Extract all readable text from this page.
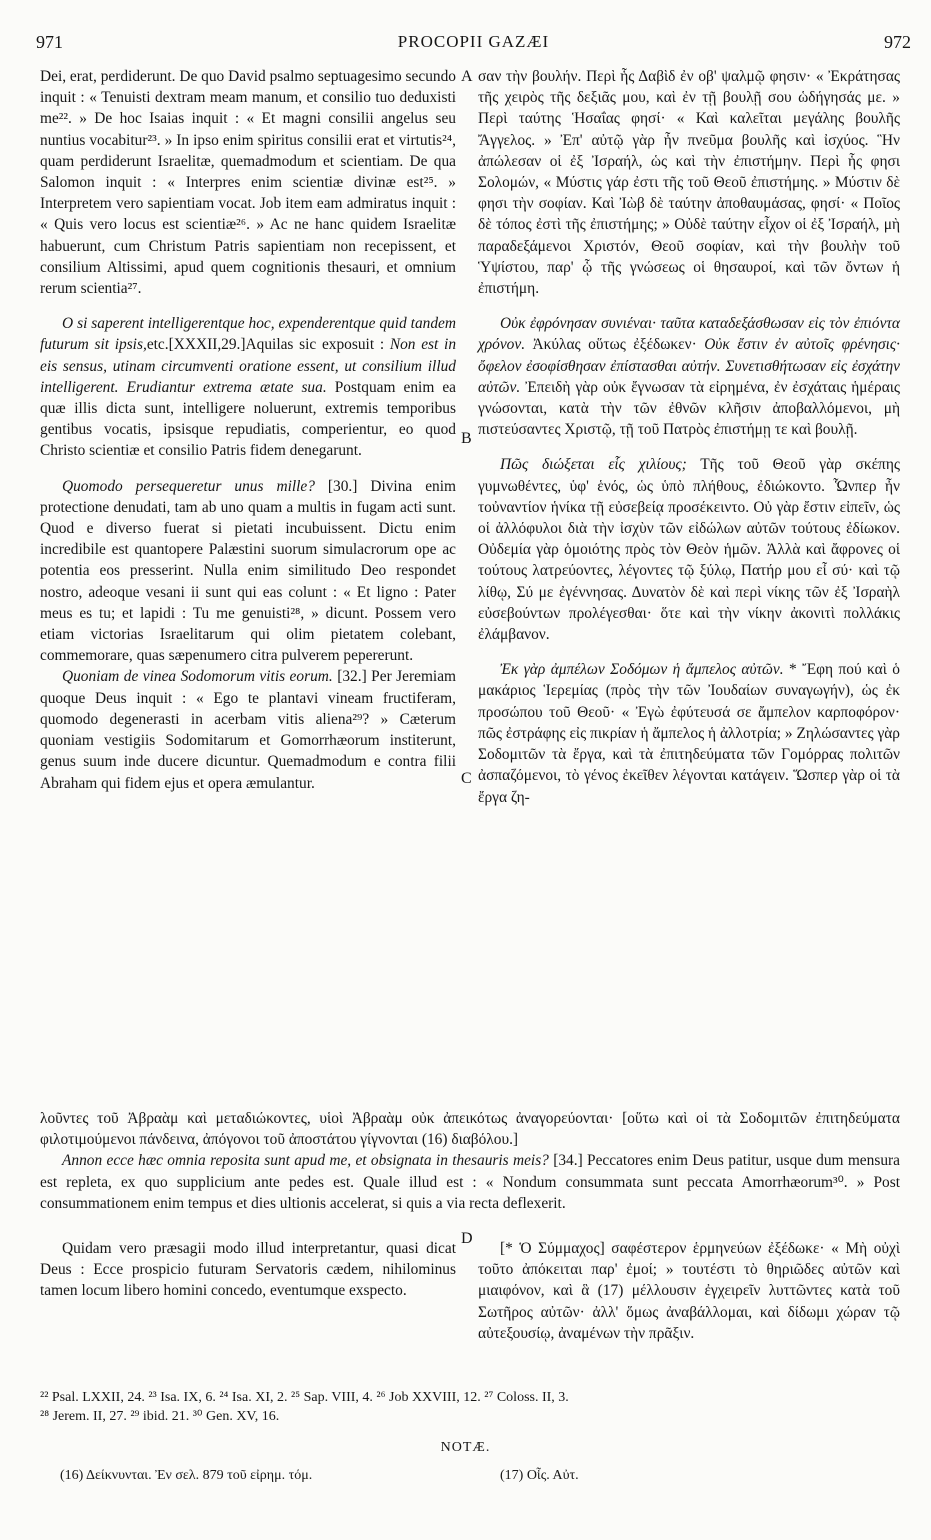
971	PROCOPII GAZÆI	972
A
B
C
D

Dei, erat, perdiderunt. De quo David psalmo septuagesimo secundo inquit : « Tenuisti dextram meam manum, et consilio tuo deduxisti me²². » De hoc Isaias inquit : « Et magni consilii angelus seu nuntius vocabitur²³. » In ipso enim spiritus consilii erat et virtutis²⁴, quam perdiderunt Israelitæ, quemadmodum et scientiam. De qua Salomon inquit : « Interpres enim scientiæ divinæ est²⁵. » Interpretem vero sapientiam vocat. Job item eam admiratus inquit : « Quis vero locus est scientiæ²⁶. » Ac ne hanc quidem Israelitæ habuerunt, cum Christum Patris sapientiam non recepissent, et consilium Altissimi, apud quem cognitionis thesauri, et omnium rerum scientia²⁷.

O si saperent intelligerentque hoc, expenderentque quid tandem futurum sit ipsis,etc.[XXXII,29.]Aquilas sic exposuit : Non est in eis sensus, utinam circumventi oratione essent, ut consilium illud intelligerent. Erudiantur extrema ætate sua. Postquam enim ea quæ illis dicta sunt, intelligere noluerunt, extremis temporibus gentibus vocatis, ipsisque repudiatis, comperientur, eo quod Christo scientiæ et consilio Patris fidem denegarunt.

Quomodo persequeretur unus mille? [30.] Divina enim protectione denudati, tam ab uno quam a multis in fugam acti sunt. Quod e diverso fuerat si pietati incubuissent. Dictu enim incredibile est quantopere Palæstini suorum simulacrorum ope ac potentia eos presserint. Nulla enim similitudo Deo respondet nostro, adeoque vesani ii sunt qui eas colunt : « Et ligno : Pater meus es tu; et lapidi : Tu me genuisti²⁸, » dicunt. Possem vero etiam victorias Israelitarum qui olim pietatem colebant, commemorare, quas sæpenumero citra pulverem pepererunt.

Quoniam de vinea Sodomorum vitis eorum. [32.] Per Jeremiam quoque Deus inquit : « Ego te plantavi vineam fructiferam, quomodo degenerasti in acerbam vitis aliena²⁹? » Cæterum quoniam vestigiis Sodomitarum et Gomorrhæorum institerunt, genus suum inde ducere dicuntur. Quemadmodum e contra filii Abraham qui fidem ejus et opera æmulantur.

σαν τὴν βουλήν. Περὶ ἧς Δαβὶδ ἐν οβ' ψαλμῷ φησιν· « Ἐκράτησας τῆς χειρὸς τῆς δεξιᾶς μου, καὶ ἐν τῇ βουλῇ σου ὡδήγησάς με. » Περὶ ταύτης Ἡσαΐας φησί· « Καὶ καλεῖται μεγάλης βουλῆς Ἄγγελος. » Ἐπ' αὐτῷ γὰρ ἦν πνεῦμα βουλῆς καὶ ἰσχύος. Ἣν ἀπώλεσαν οἱ ἐξ Ἰσραήλ, ὡς καὶ τὴν ἐπιστήμην. Περὶ ἧς φησι Σολομών, « Μύστις γάρ ἐστι τῆς τοῦ Θεοῦ ἐπιστήμης. » Μύστιν δὲ φησι τὴν σοφίαν. Καὶ Ἰὼβ δὲ ταύτην ἀποθαυμάσας, φησί· « Ποῖος δὲ τόπος ἐστὶ τῆς ἐπιστήμης; » Οὐδὲ ταύτην εἶχον οἱ ἐξ Ἰσραήλ, μὴ παραδεξάμενοι Χριστόν, Θεοῦ σοφίαν, καὶ τὴν βουλὴν τοῦ Ὑψίστου, παρ' ᾧ τῆς γνώσεως οἱ θησαυροί, καὶ τῶν ὄντων ἡ ἐπιστήμη.

Οὐκ ἐφρόνησαν συνιέναι· ταῦτα καταδεξάσθωσαν εἰς τὸν ἐπιόντα χρόνον. Ἀκύλας οὕτως ἐξέδωκεν· Οὐκ ἔστιν ἐν αὐτοῖς φρένησις· ὄφελον ἐσοφίσθησαν ἐπίστασθαι αὐτήν. Συνετισθήτωσαν εἰς ἐσχάτην αὐτῶν. Ἐπειδὴ γὰρ οὐκ ἔγνωσαν τὰ εἰρημένα, ἐν ἐσχάταις ἡμέραις γνώσονται, κατὰ τὴν τῶν ἐθνῶν κλῆσιν ἀποβαλλόμενοι, μὴ πιστεύσαντες Χριστῷ, τῇ τοῦ Πατρὸς ἐπιστήμῃ τε καὶ βουλῇ.

Πῶς διώξεται εἷς χιλίους; Τῆς τοῦ Θεοῦ γὰρ σκέπης γυμνωθέντες, ὑφ' ἑνός, ὡς ὑπὸ πλήθους, ἐδιώκοντο. Ὧνπερ ἦν τοὐναντίον ἡνίκα τῇ εὐσεβείᾳ προσέκειντο. Οὐ γὰρ ἔστιν εἰπεῖν, ὡς οἱ ἀλλόφυλοι διὰ τὴν ἰσχὺν τῶν εἰδώλων αὐτῶν τούτους ἐδίωκον. Οὐδεμία γὰρ ὁμοιότης πρὸς τὸν Θεὸν ἡμῶν. Ἀλλὰ καὶ ἄφρονες οἱ τούτους λατρεύοντες, λέγοντες τῷ ξύλῳ, Πατήρ μου εἶ σύ· καὶ τῷ λίθῳ, Σύ με ἐγέννησας. Δυνατὸν δὲ καὶ περὶ νίκης τῶν ἐξ Ἰσραὴλ εὐσεβούντων προλέγεσθαι· ὅτε καὶ τὴν νίκην ἀκονιτὶ πολλάκις ἐλάμβανον.

Ἐκ γὰρ ἀμπέλων Σοδόμων ἡ ἄμπελος αὐτῶν. * Ἔφη πού καὶ ὁ μακάριος Ἱερεμίας (πρὸς τὴν τῶν Ἰουδαίων συναγωγήν), ὡς ἐκ προσώπου τοῦ Θεοῦ· « Ἐγὼ ἐφύτευσά σε ἄμπελον καρποφόρον· πῶς ἐστράφης εἰς πικρίαν ἡ ἄμπελος ἡ ἀλλοτρία; » Ζηλώσαντες γὰρ Σοδομιτῶν τὰ ἔργα, καὶ τὰ ἐπιτηδεύματα τῶν Γομόρρας πολιτῶν ἀσπαζόμενοι, τὸ γένος ἐκεῖθεν λέγονται κατάγειν. Ὥσπερ γὰρ οἱ τὰ ἔργα ζη-

λοῦντες τοῦ Ἀβραὰμ καὶ μεταδιώκοντες, υἱοὶ Ἀβραὰμ οὐκ ἀπεικότως ἀναγορεύονται· [οὕτω καὶ οἱ τὰ Σοδομιτῶν ἐπιτηδεύματα φιλοτιμούμενοι πάνδεινα, ἀπόγονοι τοῦ ἀποστάτου γίγνονται (16) διαβόλου.]

Annon ecce hæc omnia reposita sunt apud me, et obsignata in thesauris meis? [34.] Peccatores enim Deus patitur, usque dum mensura est repleta, ex quo supplicium ante pedes est. Quale illud est : « Nondum consummata sunt peccata Amorrhæorum³⁰. » Post consummationem enim tempus et dies ultionis accelerat, si quis a via recta deflexerit.

Quidam vero præsagii modo illud interpretantur, quasi dicat Deus : Ecce prospicio futuram Servatoris cædem, nihilominus tamen locum libero homini concedo, eventumque exspecto.

[* Ὁ Σύμμαχος] σαφέστερον ἑρμηνεύων ἐξέδωκε· « Μὴ οὐχὶ τοῦτο ἀπόκειται παρ' ἐμοί; » τουτέστι τὸ θηριῶδες αὐτῶν καὶ μιαιφόνον, καὶ ἃ (17) μέλλουσιν ἐγχειρεῖν λυττῶντες κατὰ τοῦ Σωτῆρος αὐτῶν· ἀλλ' ὅμως ἀναβάλλομαι, καὶ δίδωμι χώραν τῷ αὐτεξουσίῳ, ἀναμένων τὴν πρᾶξιν.

²² Psal. LXXII, 24. ²³ Isa. IX, 6. ²⁴ Isa. XI, 2. ²⁵ Sap. VIII, 4. ²⁶ Job XXVIII, 12. ²⁷ Coloss. II, 3.
²⁸ Jerem. II, 27. ²⁹ ibid. 21. ³⁰ Gen. XV, 16.
NOTÆ.
(16) Δείκνυνται. Ἐν σελ. 879 τοῦ εἰρημ. τόμ.	(17) Οἷς. Αὐτ.
